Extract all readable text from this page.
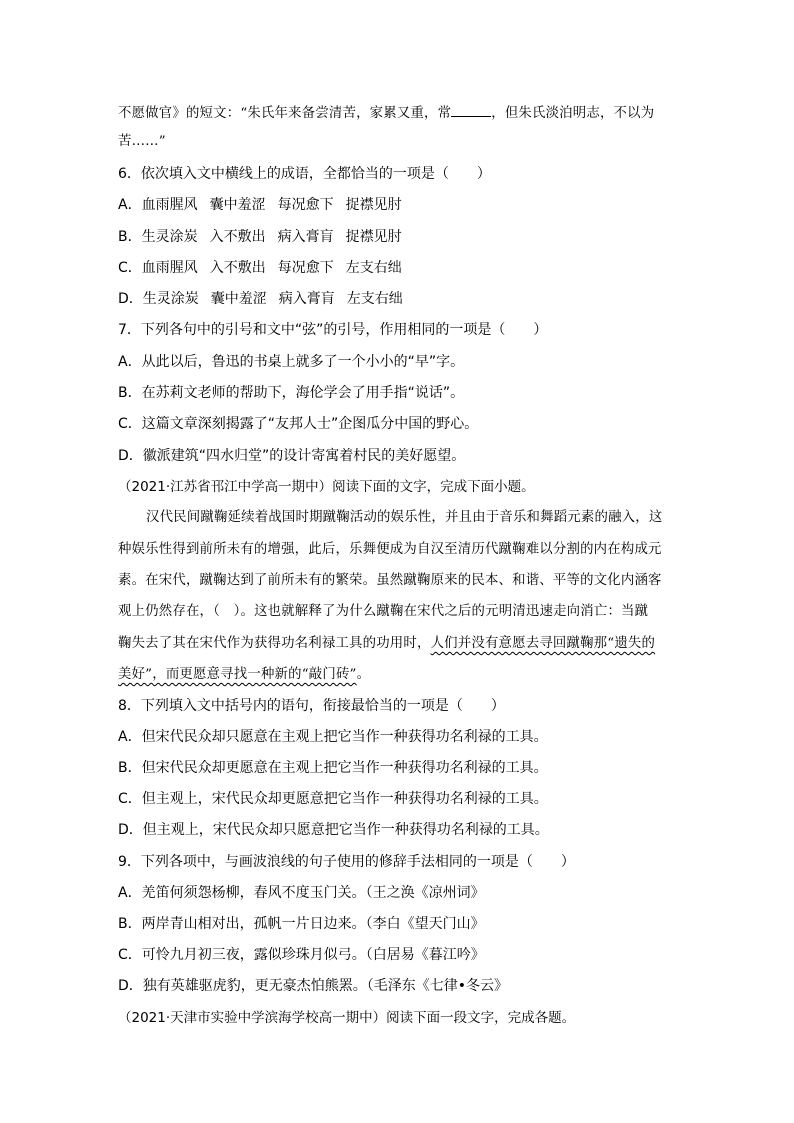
不愿做官》的短文：“朱氏年来备尝清苦，家累又重，常	，但朱氏淡泊明志，不以为
苦……”
6．依次填入文中横线上的成语，全都恰当的一项是（　　）
A．血雨腥风 囊中羞涩 每况愈下 捉襟见肘
B．生灵涂炭 入不敷出 病入膏肓 捉襟见肘
C．血雨腥风 入不敷出 每况愈下 左支右绌
D．生灵涂炭 囊中羞涩 病入膏肓 左支右绌
7．下列各句中的引号和文中“弦”的引号，作用相同的一项是（　　）
A．从此以后，鲁迅的书桌上就多了一个小小的“早”字。
B．在苏莉文老师的帮助下，海伦学会了用手指“说话”。
C．这篇文章深刻揭露了“友邦人士”企图瓜分中国的野心。
D．徽派建筑“四水归堂”的设计寄寓着村民的美好愿望。
（2021·江苏省邗江中学高一期中）阅读下面的文字，完成下面小题。
汉代民间蹴鞠延续着战国时期蹴鞠活动的娱乐性，并且由于音乐和舞蹈元素的融入，这
种娱乐性得到前所未有的增强，此后，乐舞便成为自汉至清历代蹴鞠难以分割的内在构成元
素。在宋代，蹴鞠达到了前所未有的繁荣。虽然蹴鞠原来的民本、和谐、平等的文化内涵客
观上仍然存在，（　）。这也就解释了为什么蹴鞠在宋代之后的元明清迅速走向消亡：当蹴
鞠失去了其在宋代作为获得功名利禄工具的功用时，人们并没有意愿去寻回蹴鞠那“遗失的
美好”，而更愿意寻找一种新的“敲门砖”。
8．下列填入文中括号内的语句，衔接最恰当的一项是（　　）
A．但宋代民众却只愿意在主观上把它当作一种获得功名利禄的工具。
B．但宋代民众却更愿意在主观上把它当作一种获得功名利禄的工具。
C．但主观上，宋代民众却更愿意把它当作一种获得功名利禄的工具。
D．但主观上，宋代民众却只愿意把它当作一种获得功名利禄的工具。
9．下列各项中，与画波浪线的句子使用的修辞手法相同的一项是（　　）
A．羌笛何须怨杨柳，春风不度玉门关。（王之涣《凉州词》
B．两岸青山相对出，孤帆一片日边来。（李白《望天门山》
C．可怜九月初三夜，露似珍珠月似弓。（白居易《暮江吟》
D．独有英雄驱虎豹，更无豪杰怕熊罴。（毛泽东《七律•冬云》
（2021·天津市实验中学滨海学校高一期中）阅读下面一段文字，完成各题。
